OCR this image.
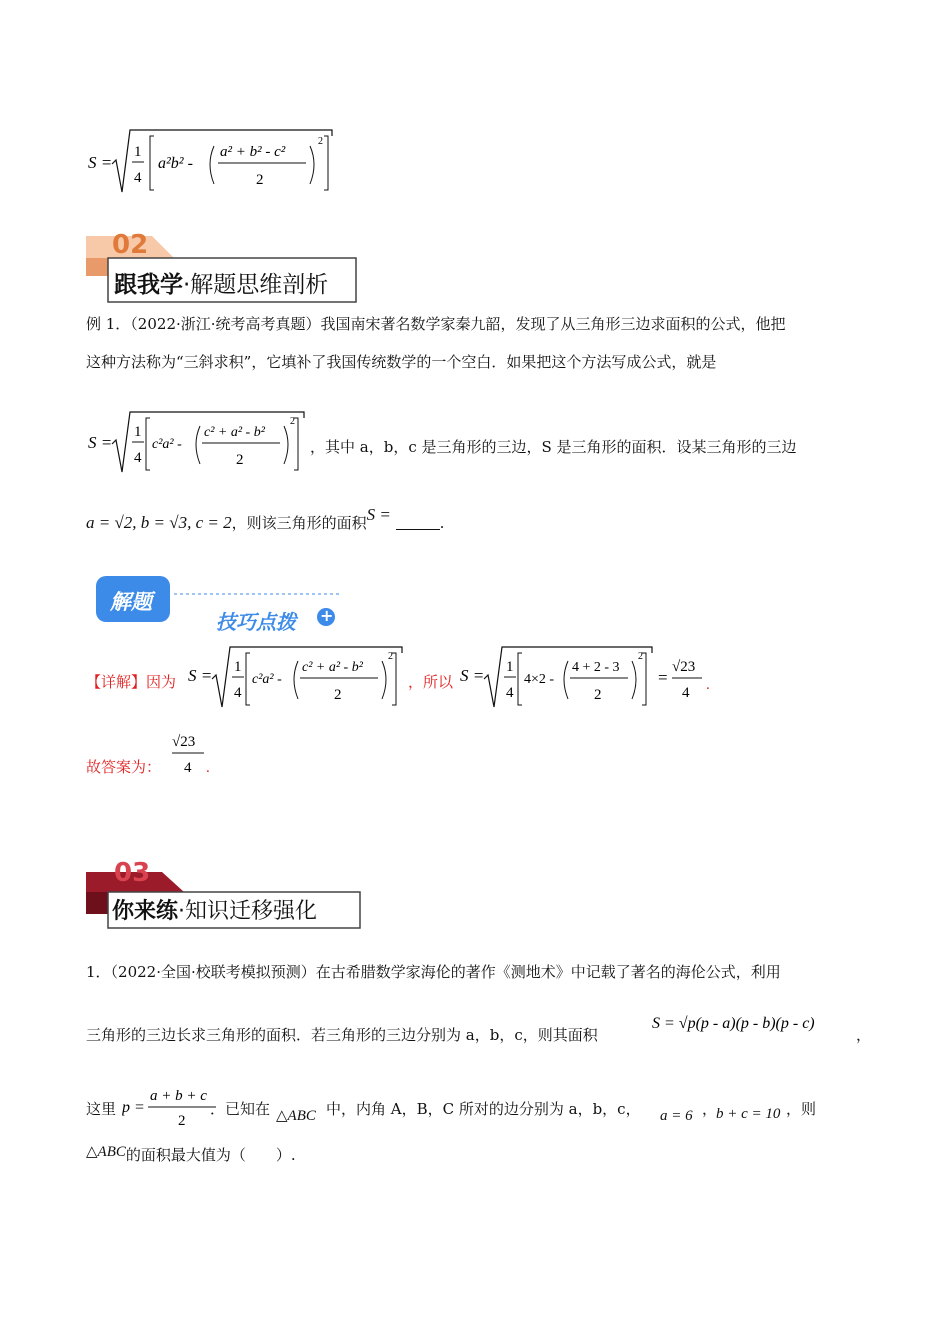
S =
1
4
a²b² -
a² + b² - c²
2
2
02
跟我学·解题思维剖析
例 1．（2022·浙江·统考高考真题）我国南宋著名数学家秦九韶，发现了从三角形三边求面积的公式，他把
这种方法称为“三斜求积”，它填补了我国传统数学的一个空白．如果把这个方法写成公式，就是
S =
1
4
c²a² -
c² + a² - b²
2
2
，其中 a，b，c 是三角形的三边，S 是三角形的面积．设某三角形的三边
a = √2, b = √3, c = 2，则该三角形的面积S =	.
解题
技巧点拨 +
【详解】因为 S = 1
4
c²a² -
c² + a² - b²
2
2
，所以 S = 1
4
4×2 -
4 + 2 - 3
2
2
=
√23
4 .
故答案为：
√23
4 .
03
你来练·知识迁移强化
1．（2022·全国·校联考模拟预测）在古希腊数学家海伦的著作《测地术》中记载了著名的海伦公式，利用
三角形的三边长求三角形的面积．若三角形的三边分别为 a，b，c，则其面积
S = √p(p - a)(p - b)(p - c)
，
这里 p =
a + b + c
2
．已知在 △ABC 中，内角 A，B，C 所对的边分别为 a，b，c， a = 6 ，
b + c = 10 ，则
△ABC的面积最大值为（　　）.
